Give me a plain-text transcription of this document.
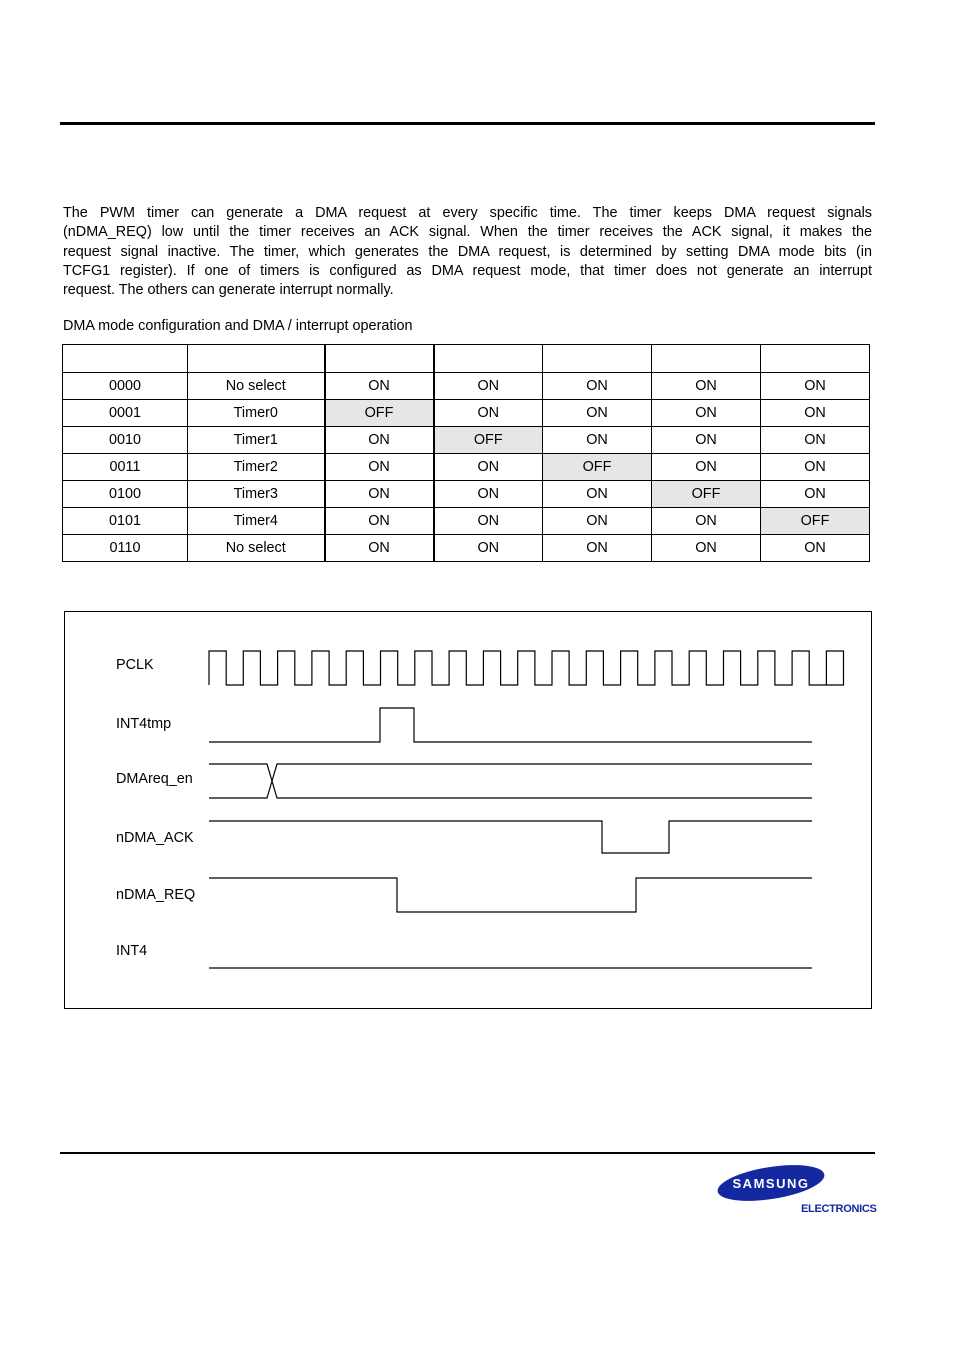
The PWM timer can generate a DMA request at every specific time. The timer keeps DMA request signals
(nDMA_REQ) low until the timer receives an ACK signal. When the timer receives the ACK signal, it makes the
request signal inactive. The timer, which generates the DMA request, is determined by setting DMA mode bits (in
TCFG1 register). If one of timers is configured as DMA request mode, that timer does not generate an interrupt
request. The others can generate interrupt normally.
DMA mode configuration and DMA / interrupt operation

0000	No select	ON	ON	ON	ON	ON
0001	Timer0	OFF	ON	ON	ON	ON
0010	Timer1	ON	OFF	ON	ON	ON
0011	Timer2	ON	ON	OFF	ON	ON
0100	Timer3	ON	ON	ON	OFF	ON
0101	Timer4	ON	ON	ON	ON	OFF
0110	No select	ON	ON	ON	ON	ON
PCLK
INT4tmp
DMAreq_en
nDMA_ACK
nDMA_REQ
INT4
SAMSUNG
ELECTRONICS
